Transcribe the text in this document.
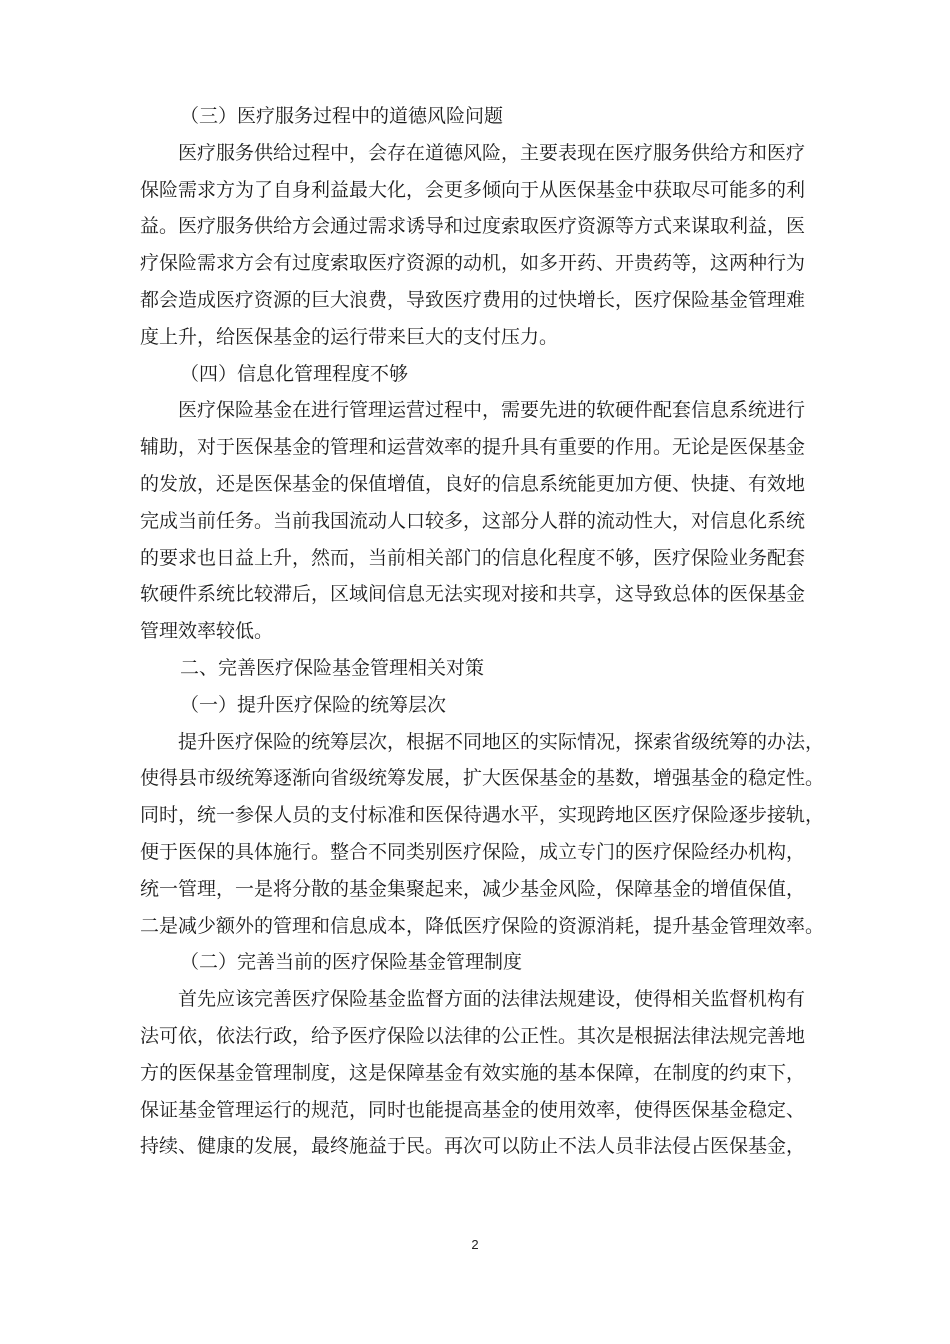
（三）医疗服务过程中的道德风险问题
医疗服务供给过程中，会存在道德风险，主要表现在医疗服务供给方和医疗
保险需求方为了自身利益最大化，会更多倾向于从医保基金中获取尽可能多的利
益。医疗服务供给方会通过需求诱导和过度索取医疗资源等方式来谋取利益，医
疗保险需求方会有过度索取医疗资源的动机，如多开药、开贵药等，这两种行为
都会造成医疗资源的巨大浪费，导致医疗费用的过快增长，医疗保险基金管理难
度上升，给医保基金的运行带来巨大的支付压力。
（四）信息化管理程度不够
医疗保险基金在进行管理运营过程中，需要先进的软硬件配套信息系统进行
辅助，对于医保基金的管理和运营效率的提升具有重要的作用。无论是医保基金
的发放，还是医保基金的保值增值，良好的信息系统能更加方便、快捷、有效地
完成当前任务。当前我国流动人口较多，这部分人群的流动性大，对信息化系统
的要求也日益上升，然而，当前相关部门的信息化程度不够，医疗保险业务配套
软硬件系统比较滞后，区域间信息无法实现对接和共享，这导致总体的医保基金
管理效率较低。
二、完善医疗保险基金管理相关对策
（一）提升医疗保险的统筹层次
提升医疗保险的统筹层次，根据不同地区的实际情况，探索省级统筹的办法，
使得县市级统筹逐渐向省级统筹发展，扩大医保基金的基数，增强基金的稳定性。
同时，统一参保人员的支付标准和医保待遇水平，实现跨地区医疗保险逐步接轨，
便于医保的具体施行。整合不同类别医疗保险，成立专门的医疗保险经办机构，
统一管理，一是将分散的基金集聚起来，减少基金风险，保障基金的增值保值，
二是减少额外的管理和信息成本，降低医疗保险的资源消耗，提升基金管理效率。
（二）完善当前的医疗保险基金管理制度
首先应该完善医疗保险基金监督方面的法律法规建设，使得相关监督机构有
法可依，依法行政，给予医疗保险以法律的公正性。其次是根据法律法规完善地
方的医保基金管理制度，这是保障基金有效实施的基本保障，在制度的约束下，
保证基金管理运行的规范，同时也能提高基金的使用效率，使得医保基金稳定、
持续、健康的发展，最终施益于民。再次可以防止不法人员非法侵占医保基金，
2
